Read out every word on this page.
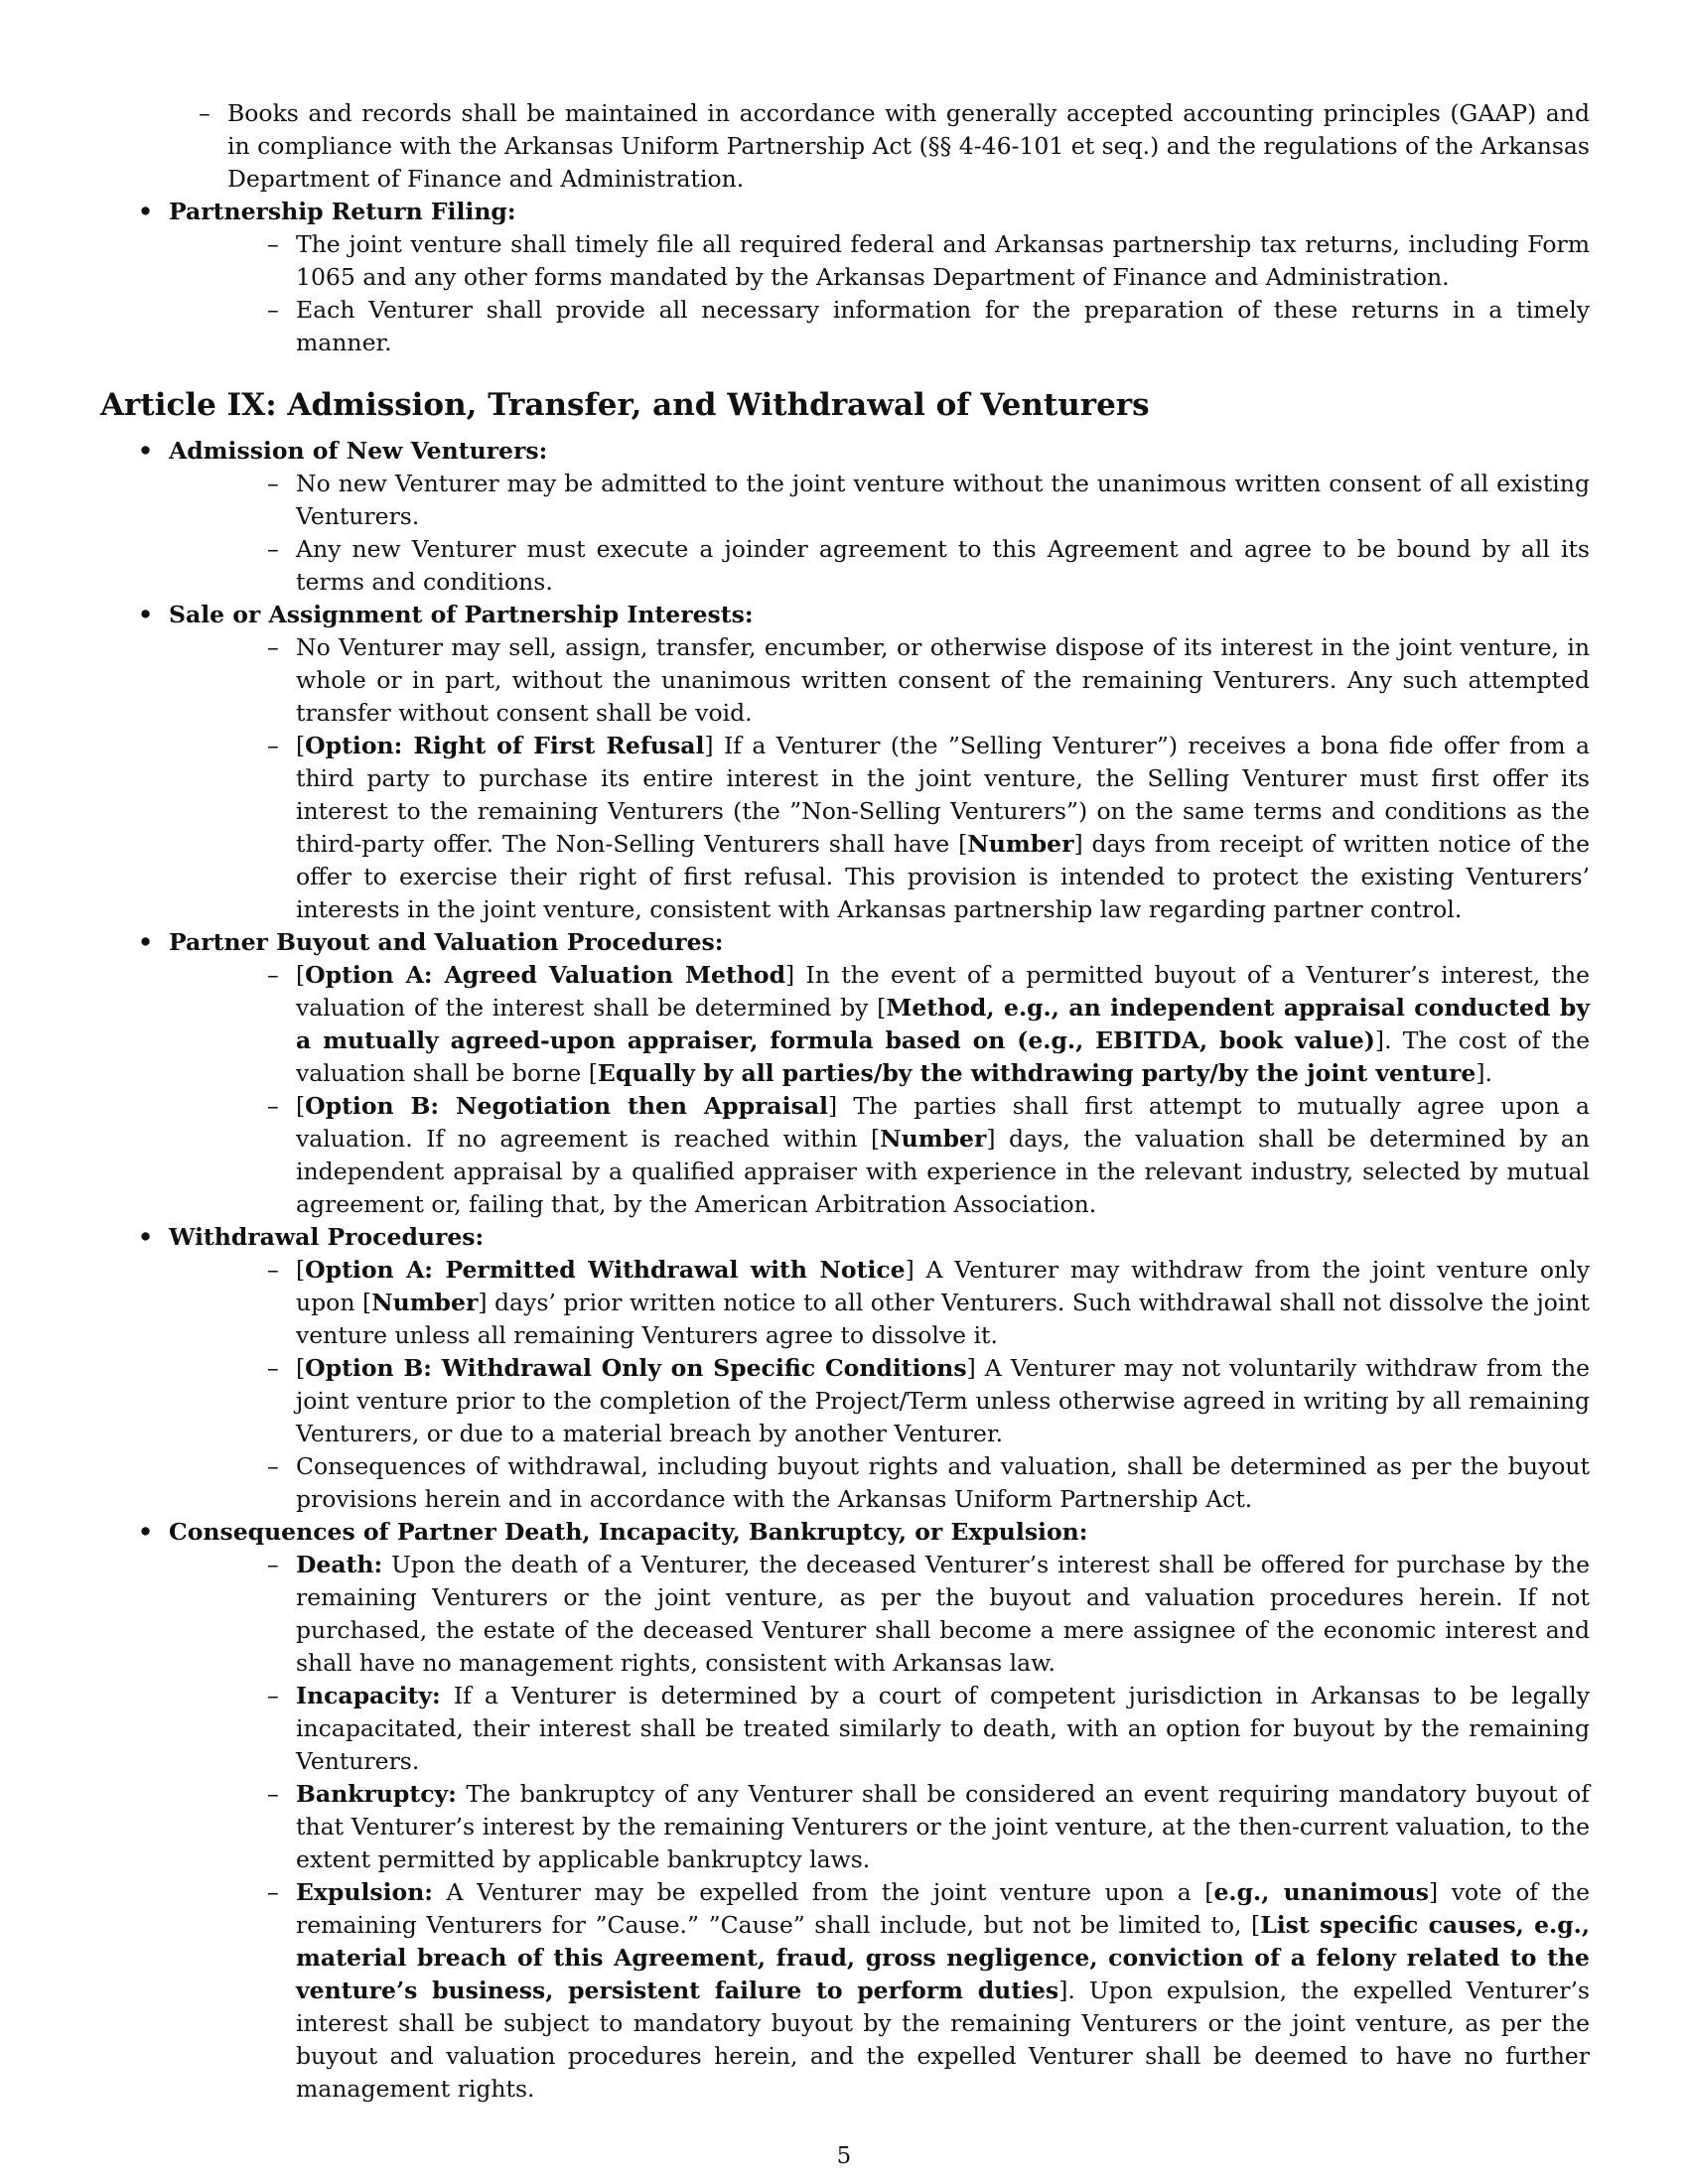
– Books and records shall be maintained in accordance with generally accepted accounting principles (GAAP) and in compliance with the Arkansas Uniform Partnership Act (§§ 4-46-101 et seq.) and the regulations of the Arkansas Department of Finance and Administration.
• Partnership Return Filing:
– The joint venture shall timely file all required federal and Arkansas partnership tax returns, including Form 1065 and any other forms mandated by the Arkansas Department of Finance and Administration.
– Each Venturer shall provide all necessary information for the preparation of these returns in a timely manner.
Article IX: Admission, Transfer, and Withdrawal of Venturers
• Admission of New Venturers:
– No new Venturer may be admitted to the joint venture without the unanimous written consent of all existing Venturers.
– Any new Venturer must execute a joinder agreement to this Agreement and agree to be bound by all its terms and conditions.
• Sale or Assignment of Partnership Interests:
– No Venturer may sell, assign, transfer, encumber, or otherwise dispose of its interest in the joint venture, in whole or in part, without the unanimous written consent of the remaining Venturers. Any such attempted transfer without consent shall be void.
– [Option: Right of First Refusal] If a Venturer (the ”Selling Venturer”) receives a bona fide offer from a third party to purchase its entire interest in the joint venture, the Selling Venturer must first offer its interest to the remaining Venturers (the ”Non-Selling Venturers”) on the same terms and conditions as the third-party offer. The Non-Selling Venturers shall have [Number] days from receipt of written notice of the offer to exercise their right of first refusal. This provision is intended to protect the existing Venturers’ interests in the joint venture, consistent with Arkansas partnership law regarding partner control.
• Partner Buyout and Valuation Procedures:
– [Option A: Agreed Valuation Method] In the event of a permitted buyout of a Venturer’s interest, the valuation of the interest shall be determined by [Method, e.g., an independent appraisal conducted by a mutually agreed-upon appraiser, formula based on (e.g., EBITDA, book value)]. The cost of the valuation shall be borne [Equally by all parties/by the withdrawing party/by the joint venture].
– [Option B: Negotiation then Appraisal] The parties shall first attempt to mutually agree upon a valuation. If no agreement is reached within [Number] days, the valuation shall be determined by an independent appraisal by a qualified appraiser with experience in the relevant industry, selected by mutual agreement or, failing that, by the American Arbitration Association.
• Withdrawal Procedures:
– [Option A: Permitted Withdrawal with Notice] A Venturer may withdraw from the joint venture only upon [Number] days’ prior written notice to all other Venturers. Such withdrawal shall not dissolve the joint venture unless all remaining Venturers agree to dissolve it.
– [Option B: Withdrawal Only on Specific Conditions] A Venturer may not voluntarily withdraw from the joint venture prior to the completion of the Project/Term unless otherwise agreed in writing by all remaining Venturers, or due to a material breach by another Venturer.
– Consequences of withdrawal, including buyout rights and valuation, shall be determined as per the buyout provisions herein and in accordance with the Arkansas Uniform Partnership Act.
• Consequences of Partner Death, Incapacity, Bankruptcy, or Expulsion:
– Death: Upon the death of a Venturer, the deceased Venturer’s interest shall be offered for purchase by the remaining Venturers or the joint venture, as per the buyout and valuation procedures herein. If not purchased, the estate of the deceased Venturer shall become a mere assignee of the economic interest and shall have no management rights, consistent with Arkansas law.
– Incapacity: If a Venturer is determined by a court of competent jurisdiction in Arkansas to be legally incapacitated, their interest shall be treated similarly to death, with an option for buyout by the remaining Venturers.
– Bankruptcy: The bankruptcy of any Venturer shall be considered an event requiring mandatory buyout of that Venturer’s interest by the remaining Venturers or the joint venture, at the then-current valuation, to the extent permitted by applicable bankruptcy laws.
– Expulsion: A Venturer may be expelled from the joint venture upon a [e.g., unanimous] vote of the remaining Venturers for ”Cause.” ”Cause” shall include, but not be limited to, [List specific causes, e.g., material breach of this Agreement, fraud, gross negligence, conviction of a felony related to the venture’s business, persistent failure to perform duties]. Upon expulsion, the expelled Venturer’s interest shall be subject to mandatory buyout by the remaining Venturers or the joint venture, as per the buyout and valuation procedures herein, and the expelled Venturer shall be deemed to have no further management rights.
5
